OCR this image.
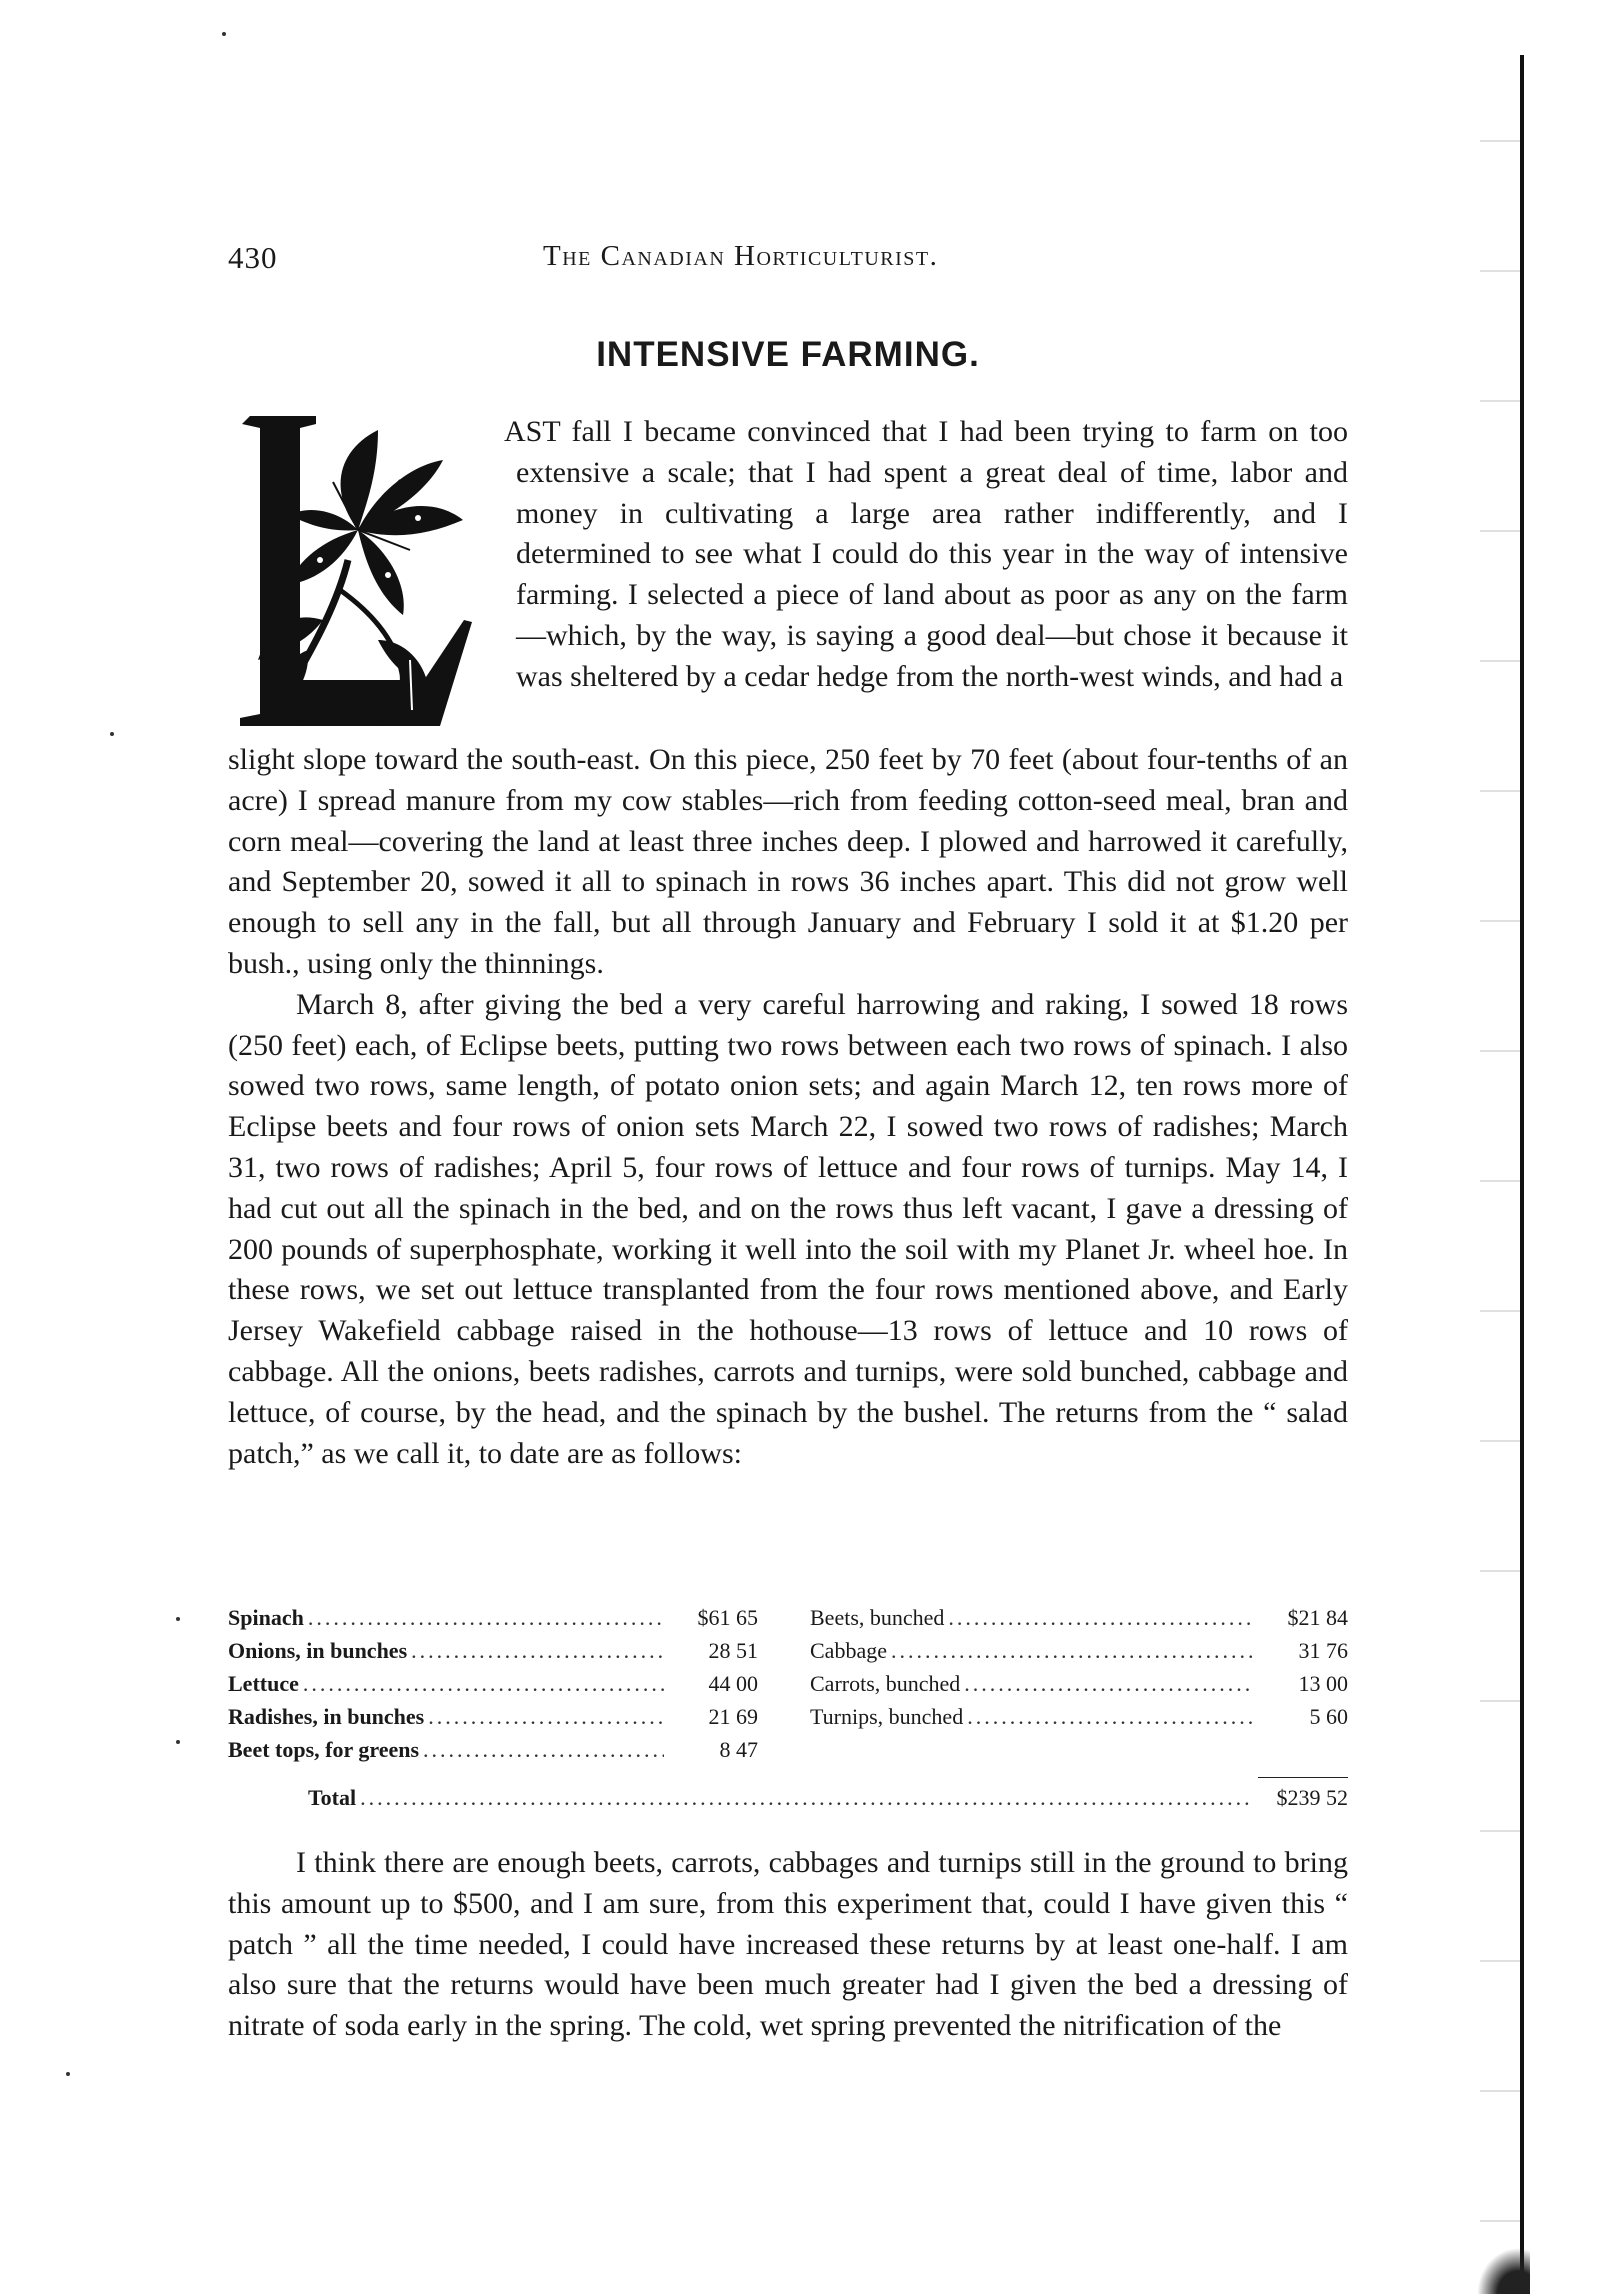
430	The Canadian Horticulturist.
INTENSIVE FARMING.
L
AST fall I became convinced that I had been trying to farm on too extensive a scale; that I had spent a great deal of time, labor and money in cultivating a large area rather indifferently, and I determined to see what I could do this year in the way of intensive farming. I selected a piece of land about as poor as any on the farm—which, by the way, is saying a good deal—but chose it because it was sheltered by a cedar hedge from the north-west winds, and had a

slight slope toward the south-east. On this piece, 250 feet by 70 feet (about four-tenths of an acre) I spread manure from my cow stables—rich from feeding cotton-seed meal, bran and corn meal—covering the land at least three inches deep. I plowed and harrowed it carefully, and September 20, sowed it all to spinach in rows 36 inches apart. This did not grow well enough to sell any in the fall, but all through January and February I sold it at $1.20 per bush., using only the thinnings.

March 8, after giving the bed a very careful harrowing and raking, I sowed 18 rows (250 feet) each, of Eclipse beets, putting two rows between each two rows of spinach. I also sowed two rows, same length, of potato onion sets; and again March 12, ten rows more of Eclipse beets and four rows of onion sets March 22, I sowed two rows of radishes; March 31, two rows of radishes; April 5, four rows of lettuce and four rows of turnips. May 14, I had cut out all the spinach in the bed, and on the rows thus left vacant, I gave a dressing of 200 pounds of superphosphate, working it well into the soil with my Planet Jr. wheel hoe. In these rows, we set out lettuce transplanted from the four rows mentioned above, and Early Jersey Wakefield cabbage raised in the hothouse—13 rows of lettuce and 10 rows of cabbage. All the onions, beets radishes, carrots and turnips, were sold bunched, cabbage and lettuce, of course, by the head, and the spinach by the bushel. The returns from the “ salad patch,” as we call it, to date are as follows:

Spinach .....	$61 65
Onions, in bunches .....	28 51
Lettuce .....	44 00
Radishes, in bunches .....	21 69
Beet tops, for greens .....	8 47
Beets, bunched .....	$21 84
Cabbage .....	31 76
Carrots, bunched .....	13 00
Turnips, bunched .....	5 60
Total .....	$239 52

I think there are enough beets, carrots, cabbages and turnips still in the ground to bring this amount up to $500, and I am sure, from this experiment that, could I have given this “ patch ” all the time needed, I could have increased these returns by at least one-half. I am also sure that the returns would have been much greater had I given the bed a dressing of nitrate of soda early in the spring. The cold, wet spring prevented the nitrification of the
